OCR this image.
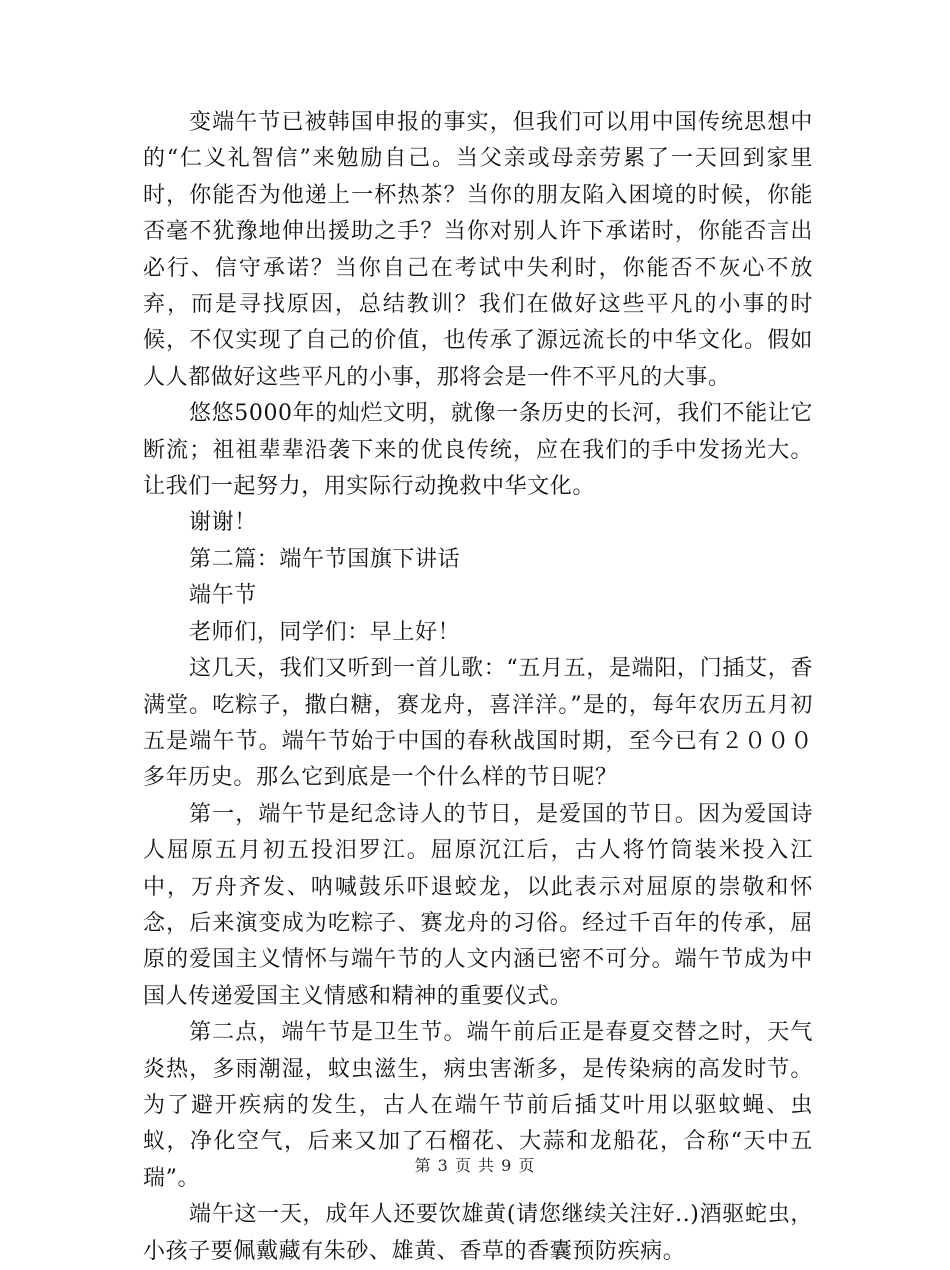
变端午节已被韩国申报的事实，但我们可以用中国传统思想中的“仁义礼智信”来勉励自己。当父亲或母亲劳累了一天回到家里时，你能否为他递上一杯热茶？当你的朋友陷入困境的时候，你能否毫不犹豫地伸出援助之手？当你对别人许下承诺时，你能否言出必行、信守承诺？当你自己在考试中失利时，你能否不灰心不放弃，而是寻找原因，总结教训？我们在做好这些平凡的小事的时候，不仅实现了自己的价值，也传承了源远流长的中华文化。假如人人都做好这些平凡的小事，那将会是一件不平凡的大事。

悠悠5000年的灿烂文明，就像一条历史的长河，我们不能让它断流；祖祖辈辈沿袭下来的优良传统，应在我们的手中发扬光大。让我们一起努力，用实际行动挽救中华文化。

谢谢！

第二篇：端午节国旗下讲话

端午节

老师们，同学们：早上好！

这几天，我们又听到一首儿歌：“五月五，是端阳，门插艾，香满堂。吃粽子，撒白糖，赛龙舟，喜洋洋。”是的，每年农历五月初五是端午节。端午节始于中国的春秋战国时期，至今已有２０００多年历史。那么它到底是一个什么样的节日呢？

第一，端午节是纪念诗人的节日，是爱国的节日。因为爱国诗人屈原五月初五投汨罗江。屈原沉江后，古人将竹筒装米投入江中，万舟齐发、呐喊鼓乐吓退蛟龙，以此表示对屈原的崇敬和怀念，后来演变成为吃粽子、赛龙舟的习俗。经过千百年的传承，屈原的爱国主义情怀与端午节的人文内涵已密不可分。端午节成为中国人传递爱国主义情感和精神的重要仪式。

第二点，端午节是卫生节。端午前后正是春夏交替之时，天气炎热，多雨潮湿，蚊虫滋生，病虫害渐多，是传染病的高发时节。为了避开疾病的发生，古人在端午节前后插艾叶用以驱蚊蝇、虫蚁，净化空气，后来又加了石榴花、大蒜和龙船花，合称“天中五瑞”。

端午这一天，成年人还要饮雄黄(请您继续关注好..)酒驱蛇虫，小孩子要佩戴藏有朱砂、雄黄、香草的香囊预防疾病。

第 3 页 共 9 页
